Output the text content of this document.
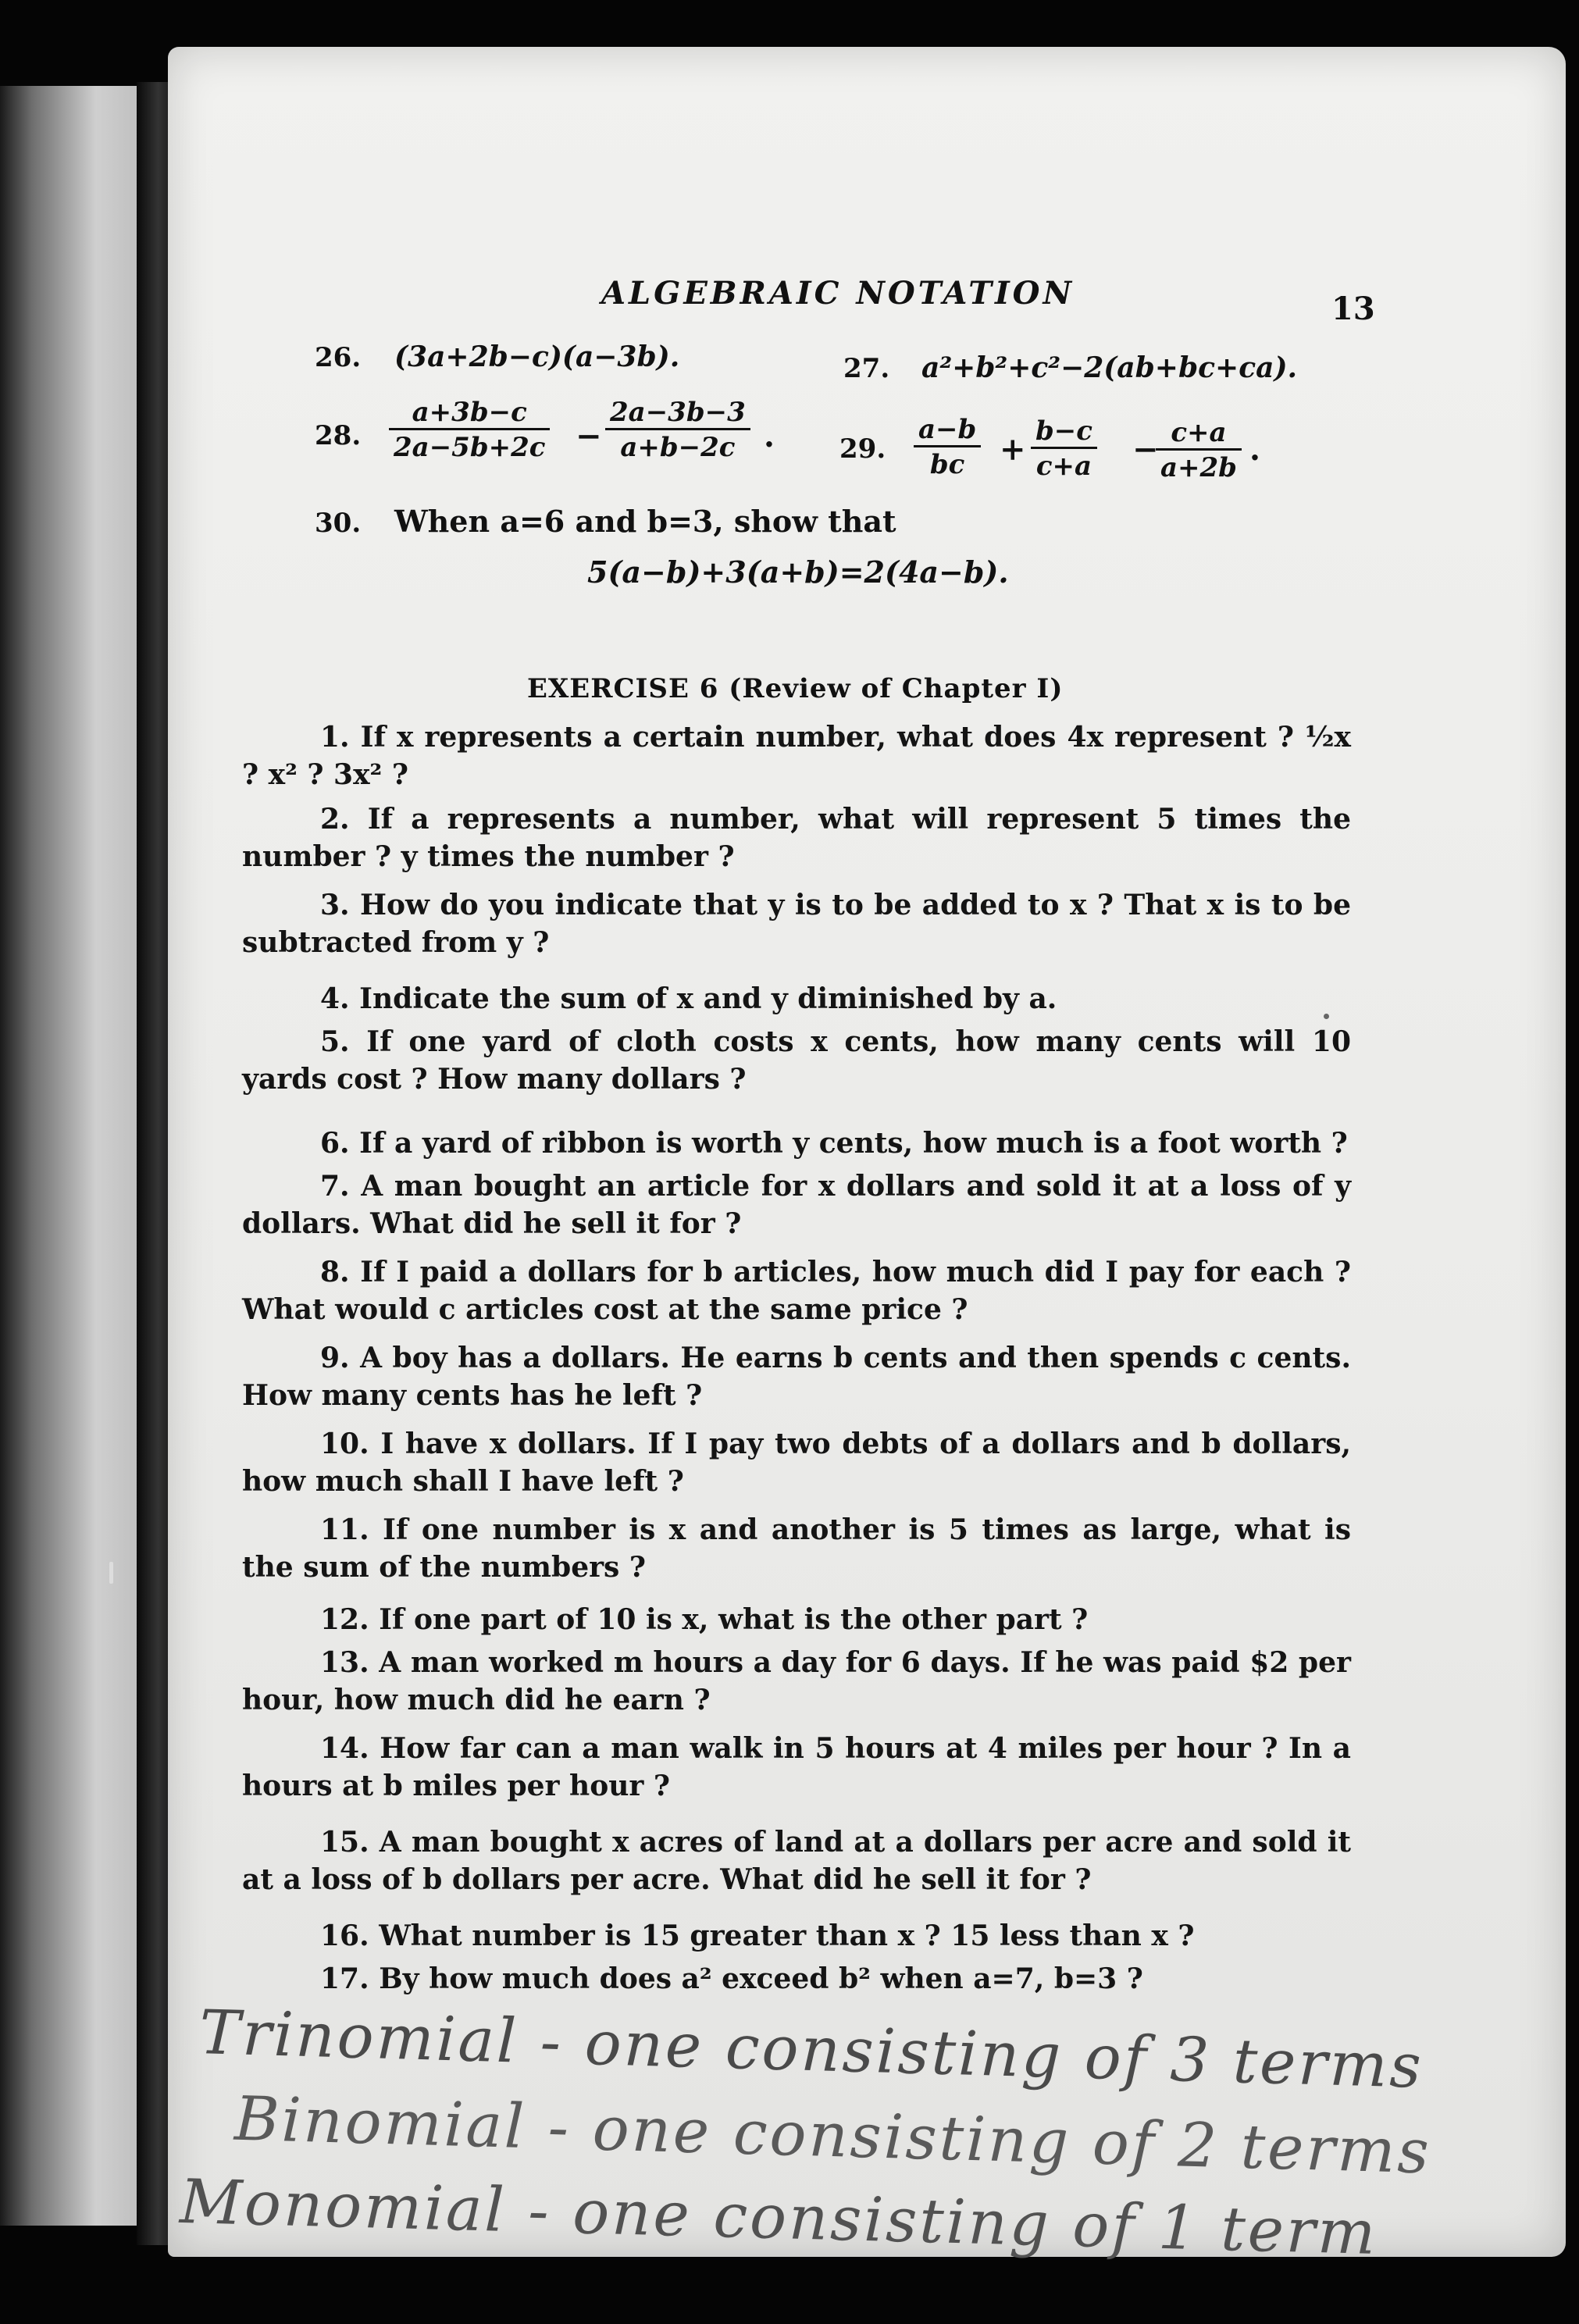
ALGEBRAIC NOTATION	13
26. (3a+2b−c)(a−3b).	27. a²+b²+c²−2(ab+bc+ca).
28. $\frac{a+3b-c}{2a-5b+2c} - \frac{2a-3b-3}{a+b-2c}$ . 29. $\frac{a-b}{bc} + \frac{b-c}{c+a}$ −
$\frac{c+a}{a+2b}$ .
30. When a=6 and b=3, show that
5(a−b)+3(a+b)=2(4a−b).
EXERCISE 6 (Review of Chapter I)
1. If x represents a certain number, what does 4x represent ? ½x ? x² ? 3x² ?
2. If a represents a number, what will represent 5 times the number ? y times the number ?
3. How do you indicate that y is to be added to x ? That x is to be subtracted from y ?
4. Indicate the sum of x and y diminished by a.
5. If one yard of cloth costs x cents, how many cents will 10 yards cost ? How many dollars ?
6. If a yard of ribbon is worth y cents, how much is a foot worth ?
7. A man bought an article for x dollars and sold it at a loss of y dollars. What did he sell it for ?
8. If I paid a dollars for b articles, how much did I pay for each ? What would c articles cost at the same price ?
9. A boy has a dollars. He earns b cents and then spends c cents. How many cents has he left ?
10. I have x dollars. If I pay two debts of a dollars and b dollars, how much shall I have left ?
11. If one number is x and another is 5 times as large, what is the sum of the numbers ?
12. If one part of 10 is x, what is the other part ?
13. A man worked m hours a day for 6 days. If he was paid $2 per hour, how much did he earn ?
14. How far can a man walk in 5 hours at 4 miles per hour ? In a hours at b miles per hour ?
15. A man bought x acres of land at a dollars per acre and sold it at a loss of b dollars per acre. What did he sell it for ?
16. What number is 15 greater than x ? 15 less than x ?
17. By how much does a² exceed b² when a=7, b=3 ?
Trinomial - one consisting of 3 terms
Binomial - one consisting of 2 terms
Monomial - one consisting of 1 term
